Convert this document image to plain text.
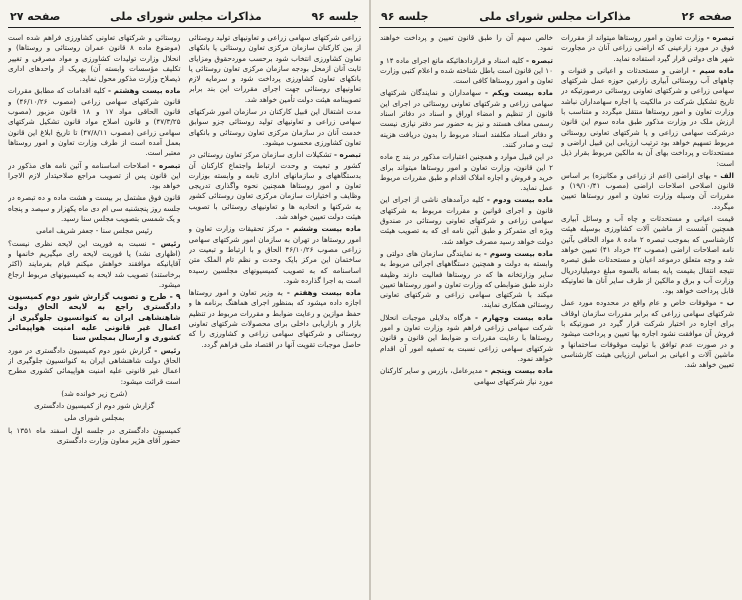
جلسه ۹۶
مذاکرات مجلس شورای ملی
صفحه ۲۷

زراعی شرکتهای سهامی زراعی و تعاونیهای تولید روستائی از بین کارکنان سازمان مرکزی تعاون روستائی یا بانکهای تعاون کشاورزی انتخاب شود برحسب موردحقوق ومزایای ثابت آنان ازمحل بودجه سازمان مرکزی تعاون روستائی یا بانکهای تعاون کشاورزی پرداخت شود و سرمایه لازم تعاونیهای روستائی جهت اجرای مقررات این بند برابر تصویبنامه هیئت دولت تأمین خواهد شد.

مدت اشتغال این قبیل کارکنان در سازمان امور شرکتهای سهامی زراعی و تعاونیهای تولید روستائی جزو سوابق خدمت آنان در سازمان مرکزی تعاون روستائی و بانکهای تعاون کشاورزی محسوب میشود.

تبصره - تشکیلات اداری سازمان مرکز تعاون روستائی در کشور و تبعیت و وحدت ارتباط واجتماع کارکنان آن بدستگاههای و سازمانهای اداری تابعه و وابسته بوزارت تعاون و امور روستاها همچنین نحوه واگذاری تدریجی وظایف و اختیارات سازمان مرکزی تعاون روستائی کشور به شرکتها و اتحادیه ها و تعاونیهای روستائی با تصویب هیئت دولت تعیین خواهد شد.

ماده بیست وششم - مرکز تحقیقات وزارت تعاون و امور روستاها در تهران به سازمان امور شرکتهای سهامی زراعی مصوب ۴۶/۱۰/۲۶ الحاق و با ارتباط و تبعیت در ساختمان این مرکز بایک وحدت و نظم تام الملک متن اساسنامه که به تصویب کمیسیونهای مجلسین رسیده است به اجرا گذارده شود.

ماده بیست وهفتم - به وزیر تعاون و امور روستاها اجازه داده میشود که بمنظور اجرای هماهنگ برنامه ها و حفظ موازین و رعایت ضوابط و مقررات مربوط در تنظیم بازار و بازاریابی داخلی برای محصولات شرکتهای تعاونی روستائی و شرکتهای سهامی زراعی و کشاورزی را که حاصل موجبات تقویت آنها در اقتصاد ملی فراهم گردد.

روستائی و شرکتهای تعاونی کشاورزی فراهم شده است (موضوع ماده ۸ قانون عمران روستائی و روستاها) و انحلال وزارت تولیدات کشاورزی و مواد مصرفی و تغییر تکلیف مؤسسات وابسته آن) بهریک از واحدهای اداری ذیصلاح وزارت مذکور محول نماید.

ماده بیست وهشتم - کلیه اقدامات که مطابق مقررات قانون شرکتهای سهامی زراعی (مصوب ۴۶/۱۰/۲۶) و قانون الحاقی مواد ۱۷ و ۱۸ قانون مزبور (مصوب ۴۷/۳/۲۵) و قانون اصلاح مواد قانون تشکیل شرکتهای سهامی زراعی (مصوب ۴۷/۸/۱۱) تا تاریخ ابلاغ این قانون بعمل آمده است از طرف وزارت تعاون و امور روستاها معتبر است.

تبصره - اصلاحات اساسنامه و آئین نامه های مذکور در این قانون پس از تصویب مراجع صلاحیتدار لازم الاجرا خواهد بود.

قانون فوق مشتمل بر بیست و هشت ماده و ده تبصره در جلسه روز پنجشنبه سی ام دی ماه یکهزار و سیصد و پنجاه و یک شمسی بتصویب مجلس سنا رسید.

رئیس مجلس سنا - جعفر شریف امامی

رئیس - نسبت به فوریت این لایحه نظری نیست؟ (اظهاری نشد) یا فوریت لایحه رای میگیریم خانمها و آقایانیکه موافقند خواهش میکنم قیام بفرمایند (اکثر برخاستند) تصویب شد لایحه به کمیسیونهای مربوط ارجاع میشود.

۹ - طرح و تصویب گزارش شور دوم کمیسیون دادگستری راجع به لایحه الحاق دولت شاهنشاهی ایران به کنوانسیون جلوگیری از اعمال غیر قانونی علیه امنیت هواپیمائی کشوری و ارسال بمجلس سنا

رئیس - گزارش شور دوم کمیسیون دادگستری در مورد الحاق دولت شاهنشاهی ایران به کنوانسیون جلوگیری از اعمال غیر قانونی علیه امنیت هواپیمائی کشوری مطرح است قرائت میشود:

(شرح زیر خوانده شد)

گزارش شور دوم از کمیسیون دادگستری

بمجلس شورای ملی

کمیسیون دادگستری در جلسه اول اسفند ماه ۱۳۵۱ با حضور آقای هژیر معاون وزارت دادگستری

صفحه ۲۶
مذاکرات مجلس شورای ملی
جلسه ۹۶

تبصره - وزارت تعاون و امور روستاها میتواند از مقررات فوق در مورد زارعینی که اراضی زراعی آنان در مجاورت شهر های دولتی قرار گیرد استفاده نماید.

ماده سیم - اراضی و مستحدثات و اعیانی و قنوات و چاههای آب روستائی آبیاری زارعین حوزه عمل شرکتهای سهامی زراعی و شرکتهای تعاونی روستائی درصورتیکه در تاریخ تشکیل شرکت در مالکیت یا اجاره سهامداران نباشد وزارت تعاون و امور روستاها منتقل میگردد و متناسب با ارزش ملک در وزارت مذکور طبق ماده سوم این قانون درشرکت سهامی زراعی و یا شرکتهای تعاونی روستائی مربوط تسهیم خواهد بود ترتیب ارزیابی این قبیل اراضی و مستحدثات و پرداخت بهای آن به مالکین مربوط بقرار ذیل است:

الف - بهای اراضی (اعم از زراعی و مکانیزه) بر اساس قانون اصلاحی اصلاحات اراضی (مصوب ۱۹/۱۰/۴۱) و مقررات آن وسیله وزارت تعاون و امور روستاها تعیین میگردد.

قیمت اعیانی و مستحدثات و چاه آب و وسائل آبیاری همچنین آشست از ماشین آلات کشاورزی بوسیله هیئت کارشناسی که بموجب تبصره ۲ ماده ۸ مواد الحاقی بآئین نامه اصلاحات اراضی (مصوب ۲۲ خرداد ۴۱) تعیین خواهد شد و وجه متعلق درموعد اعیان و مستحدثات طبق تبصره نتیجه انتقال بقیمت پایه بسانه بالسوه مبلغ دومیلیاردریال وزارت آب و برق و مالکین از طرف سایر آنان ها تعاونیکه قابل پرداخت خواهد بود.

ب - موقوفات خاص و عام واقع در محدوده مورد عمل شرکتهای سهامی زراعی که برابر مقررات سازمان اوقاف برای اجاره در اختیار شرکت قرار گیرد در صورتیکه با فروش آن موافقت نشود اجاره بها تعیین و پرداخت میشود و در صورت عدم توافق با تولیت موقوفات ساختمانها و ماشین آلات و اعیانی بر اساس ارزیابی هیئت کارشناسی تعیین خواهد شد.

خالص سهم آن را طبق قانون تعیین و پرداخت خواهند نمود.

تبصره - کلیه اسناد و قراردادهائیکه مانع اجرای ماده ۱۴ و ۱۰ این قانون است باطل شناخته شده و اعلام کتبی وزارت تعاون و امور روستاها کافی است.

ماده بیست ویکم - سهامداران و نمایندگان شرکتهای سهامی زراعی و شرکتهای تعاونی روستائی در اجرای این قانون از تنظیم و امضاء اوراق و اسناد در دفاتر اسناد رسمی معاف هستند و نیز به حضور سر دفتر نیازی نیست و دفاتر اسناد مکلفند اسناد مربوط را بدون دریافت هزینه ثبت و صادر کنند.

در این قبیل موارد و همچنین اعتبارات مذکور در بند ج ماده ۲ این قانون، وزارت تعاون و امور روستاها میتواند برای خرید و فروش و اجاره املاک اقدام و طبق مقررات مربوط عمل نماید.

ماده بیست ودوم - کلیه درآمدهای ناشی از اجرای این قانون و اجرای قوانین و مقررات مربوط به شرکتهای سهامی زراعی و شرکتهای تعاونی روستائی در صندوق ویژه ای متمرکز و طبق آئین نامه ای که به تصویب هیئت دولت خواهد رسید مصرف خواهد شد.

ماده بیست وسوم - به نمایندگی سازمان های دولتی و وابسته به دولت و همچنین دستگاههای اجرائی مربوط به سایر وزارتخانه ها که در روستاها فعالیت دارند وظیفه دارند طبق ضوابطی که وزارت تعاون و امور روستاها تعیین میکند با شرکتهای سهامی زراعی و شرکتهای تعاونی روستائی همکاری نمایند.

ماده بیست وچهارم - هرگاه بدلایلی موجبات انحلال شرکت سهامی زراعی فراهم شود وزارت تعاون و امور روستاها با رعایت مقررات و ضوابط این قانون و قانون شرکتهای سهامی زراعی نسبت به تصفیه امور آن اقدام خواهد نمود.

ماده بیست وپنجم - مدیرعامل، بازرس و سایر کارکنان مورد نیاز شرکتهای سهامی
